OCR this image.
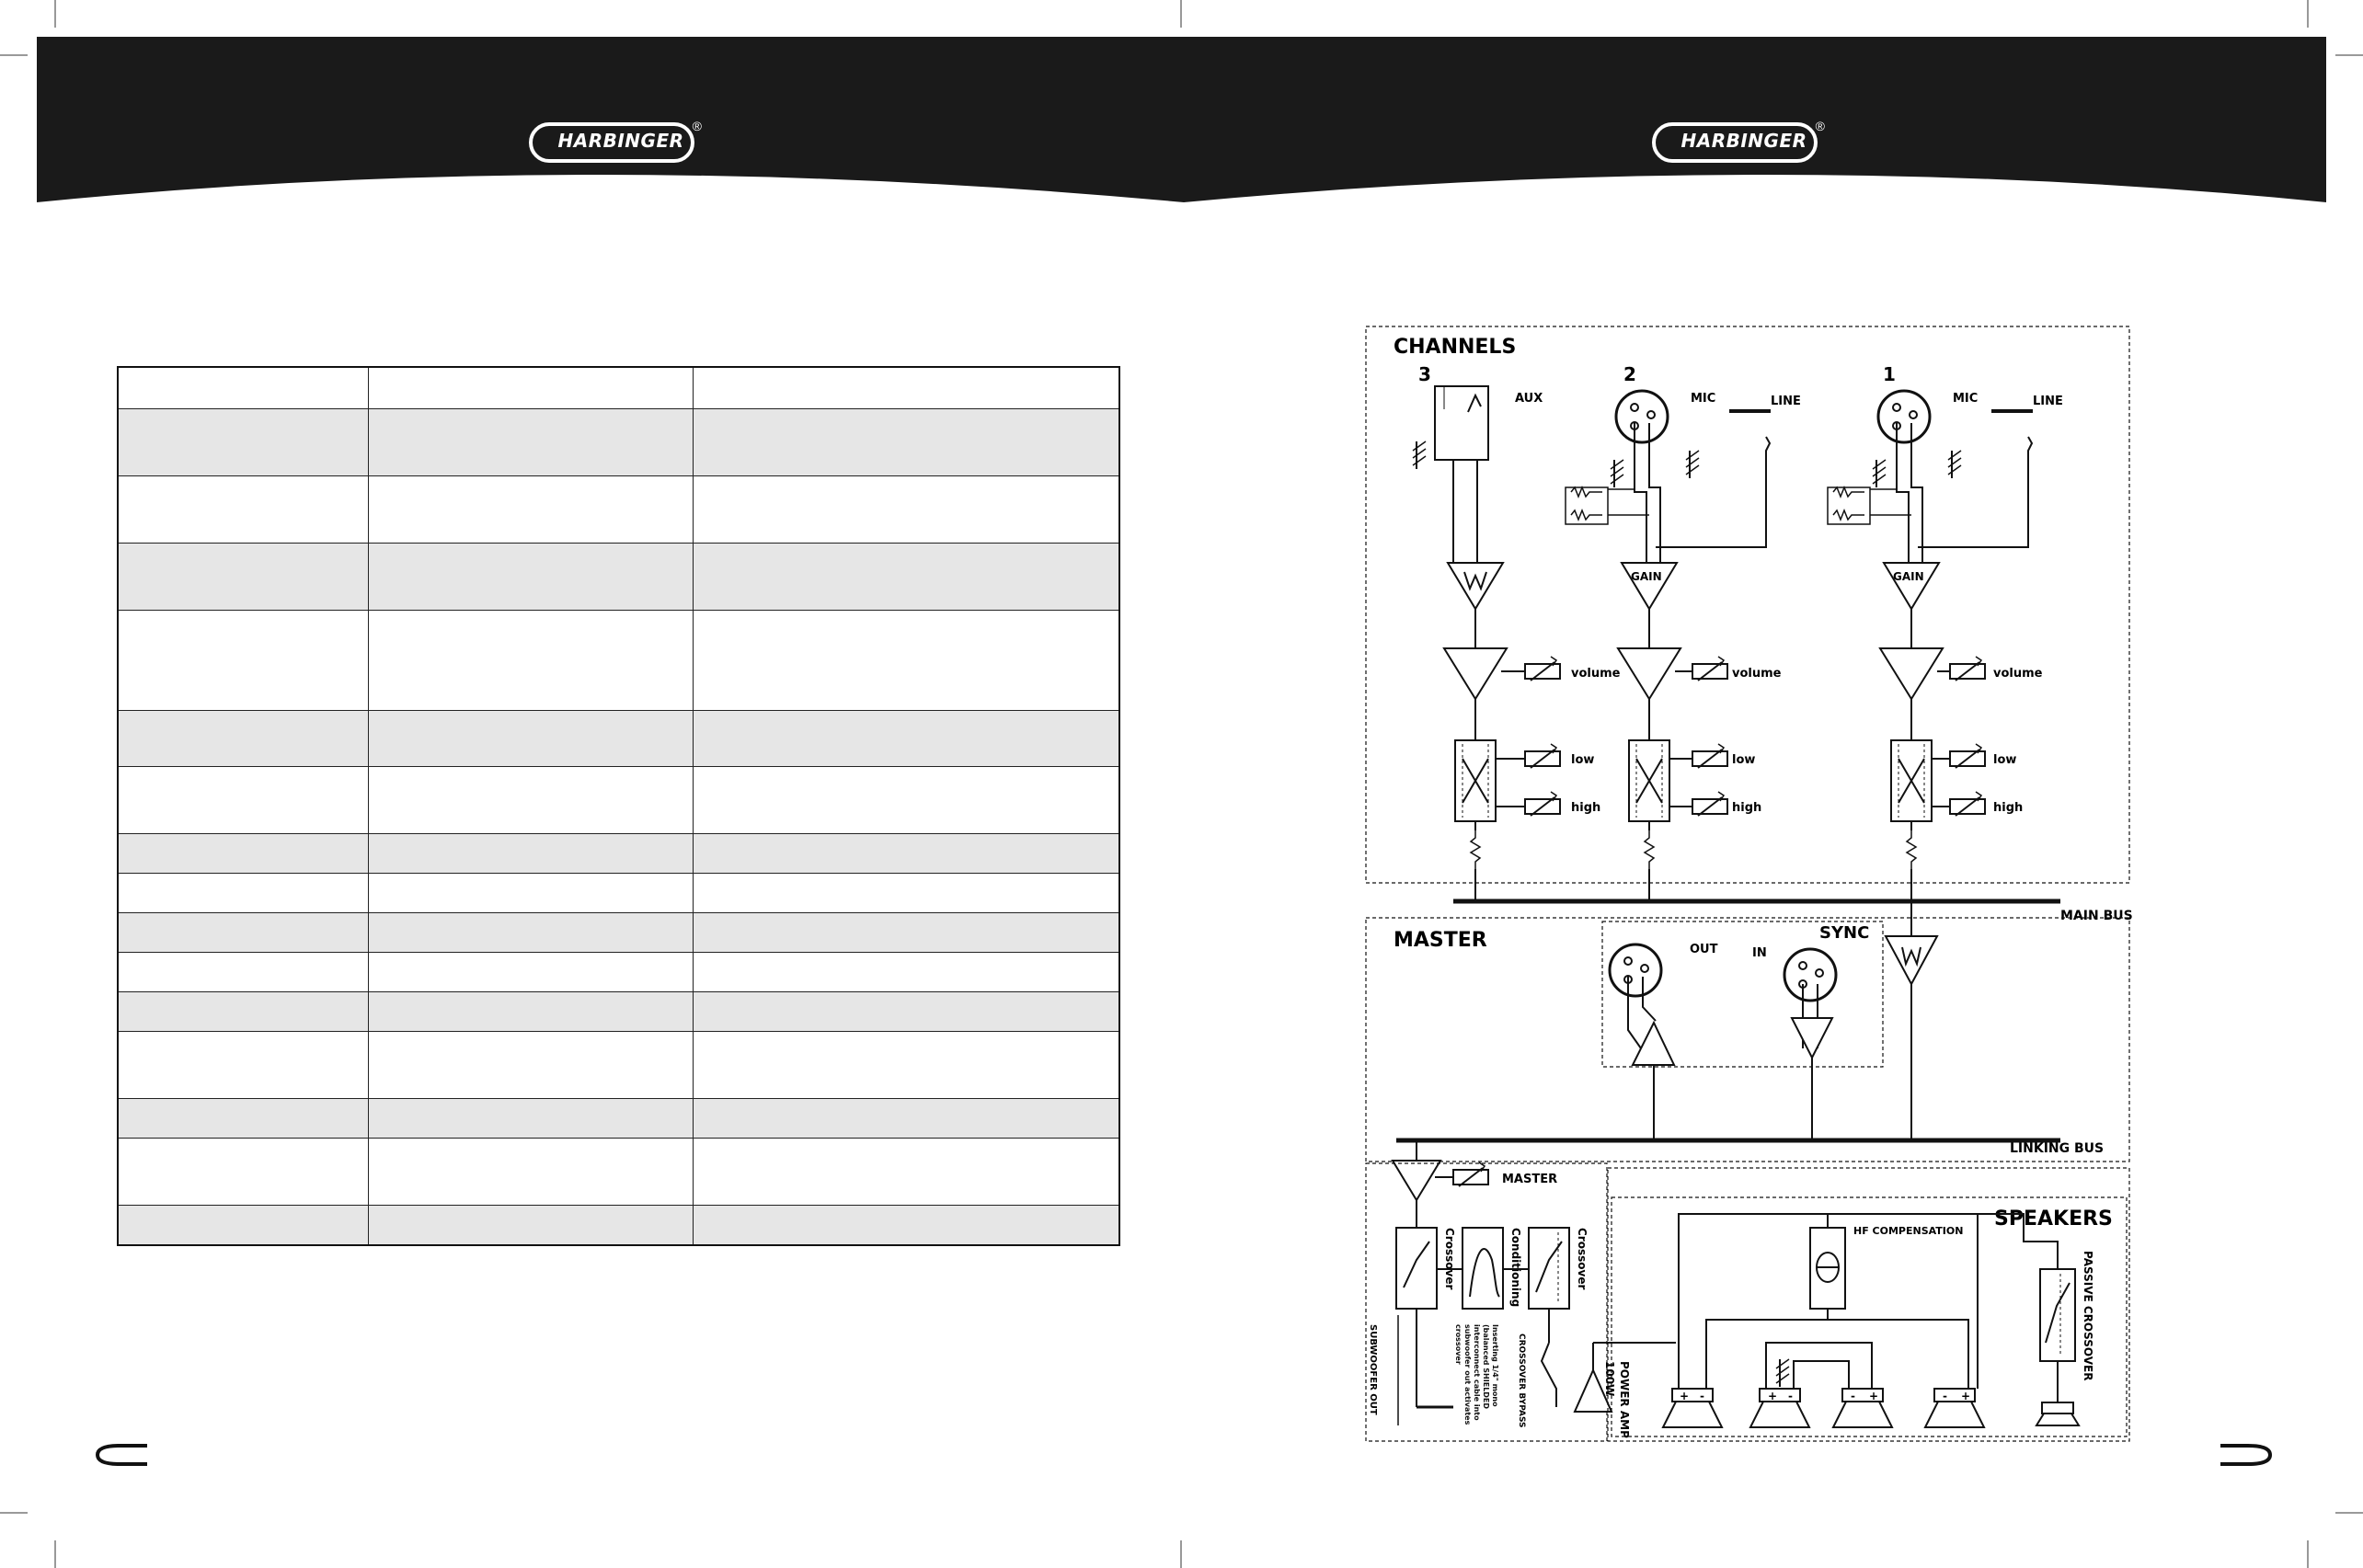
HARBINGER
®
HARBINGER
®

CHANNELS
3	2	1
AUX
volume
low
high
MIC	LINE
GAIN
volume
low
high
MIC	LINE
GAIN
volume
low
high
MAIN BUS
MASTER	SYNC
OUT	IN
LINKING BUS
MASTER
Crossover	Conditioning	Crossover
SUBWOOFER OUT	CROSSOVER BYPASS
Inserting 1/4" mono (balanced SHIELDED interconnect cable into subwoofer out activates crossover
POWER AMP
100W
SPEAKERS
HF COMPENSATION
+ -	+ -	- +	- +
PASSIVE CROSSOVER
